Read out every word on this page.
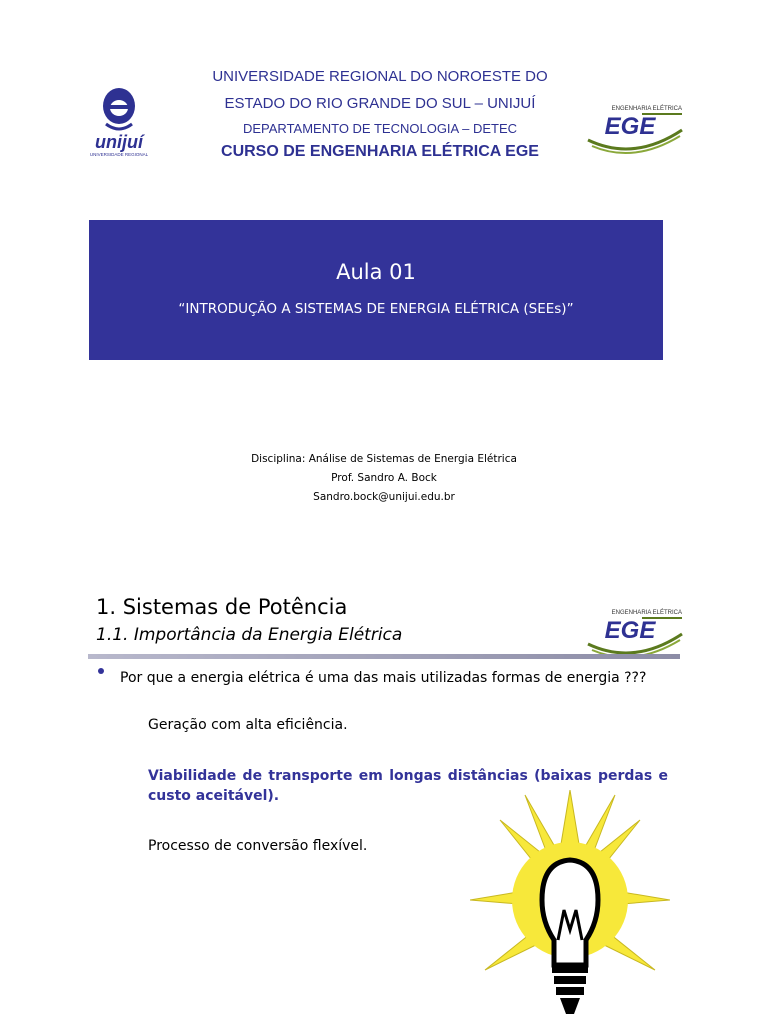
unijuí
UNIVERSIDADE REGIONAL
UNIVERSIDADE REGIONAL DO NOROESTE DO
ESTADO DO RIO GRANDE DO SUL – UNIJUÍ
DEPARTAMENTO DE TECNOLOGIA – DETEC
CURSO DE ENGENHARIA ELÉTRICA EGE
ENGENHARIA ELÉTRICA
EGE
Aula 01
“INTRODUÇÃO A SISTEMAS DE ENERGIA ELÉTRICA (SEEs)”
Disciplina: Análise de Sistemas de Energia Elétrica
Prof. Sandro A. Bock
Sandro.bock@unijui.edu.br
1. Sistemas de Potência
1.1. Importância da Energia Elétrica
ENGENHARIA ELÉTRICA
EGE
Por que a energia elétrica é uma das mais utilizadas formas de energia ???
Geração com alta eficiência.
Viabilidade de transporte em longas distâncias (baixas perdas e custo aceitável).
Processo de conversão flexível.
